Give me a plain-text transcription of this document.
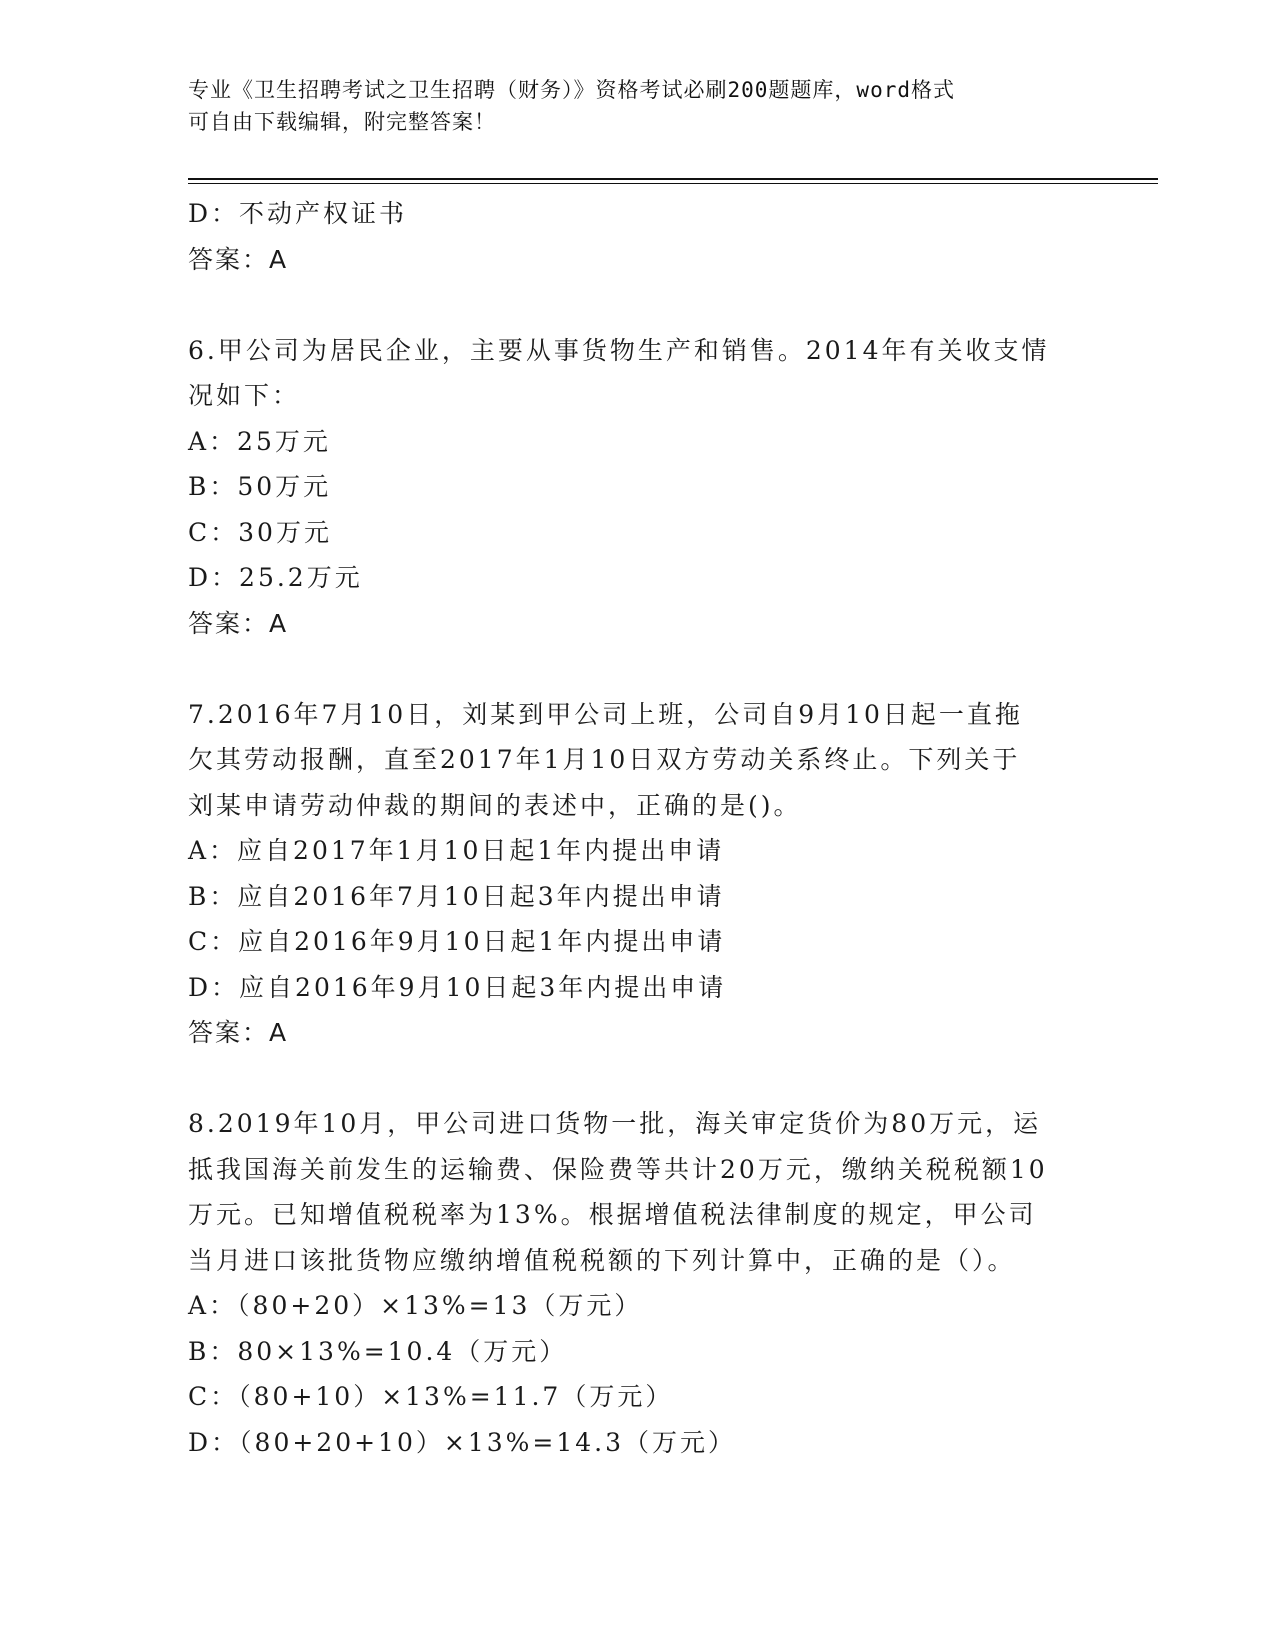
专业《卫生招聘考试之卫生招聘（财务）》资格考试必刷200题题库，word格式
可自由下载编辑，附完整答案！
D：不动产权证书
答案：A
6.甲公司为居民企业，主要从事货物生产和销售。2014年有关收支情
况如下：
A：25万元
B：50万元
C：30万元
D：25.2万元
答案：A
7.2016年7月10日，刘某到甲公司上班，公司自9月10日起一直拖
欠其劳动报酬，直至2017年1月10日双方劳动关系终止。下列关于
刘某申请劳动仲裁的期间的表述中，正确的是()。
A：应自2017年1月10日起1年内提出申请
B：应自2016年7月10日起3年内提出申请
C：应自2016年9月10日起1年内提出申请
D：应自2016年9月10日起3年内提出申请
答案：A
8.2019年10月，甲公司进口货物一批，海关审定货价为80万元，运
抵我国海关前发生的运输费、保险费等共计20万元，缴纳关税税额10
万元。已知增值税税率为13%。根据增值税法律制度的规定，甲公司
当月进口该批货物应缴纳增值税税额的下列计算中，正确的是（）。
A：（80+20）×13%=13（万元）
B：80×13%=10.4（万元）
C：（80+10）×13%=11.7（万元）
D：（80+20+10）×13%=14.3（万元）
